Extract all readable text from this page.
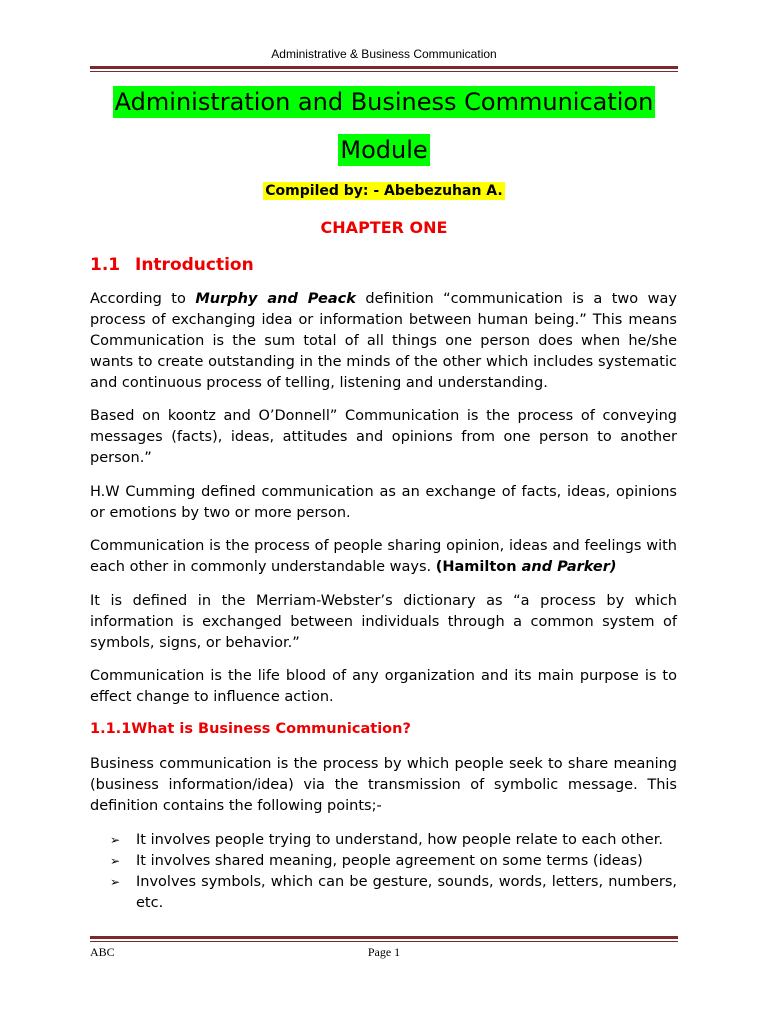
Administrative & Business Communication
Administration and Business Communication
Module
Compiled by: - Abebezuhan A.
CHAPTER ONE
1.1 Introduction
According to Murphy and Peack definition “communication is a two way process of exchanging idea or information between human being.” This means Communication is the sum total of all things one person does when he/she wants to create outstanding in the minds of the other which includes systematic and continuous process of telling, listening and understanding.
Based on koontz and O’Donnell” Communication is the process of conveying messages (facts), ideas, attitudes and opinions from one person to another person.”
H.W Cumming defined communication as an exchange of facts, ideas, opinions or emotions by two or more person.
Communication is the process of people sharing opinion, ideas and feelings with each other in commonly understandable ways. (Hamilton and Parker)
It is defined in the Merriam-Webster’s dictionary as “a process by which information is exchanged between individuals through a common system of symbols, signs, or behavior.”
Communication is the life blood of any organization and its main purpose is to effect change to influence action.
1.1.1What is Business Communication?
Business communication is the process by which people seek to share meaning (business information/idea) via the transmission of symbolic message. This definition contains the following points;-
➢ It involves people trying to understand, how people relate to each other.
➢ It involves shared meaning, people agreement on some terms (ideas)
➢ Involves symbols, which can be gesture, sounds, words, letters, numbers, etc.
ABC	Page 1
